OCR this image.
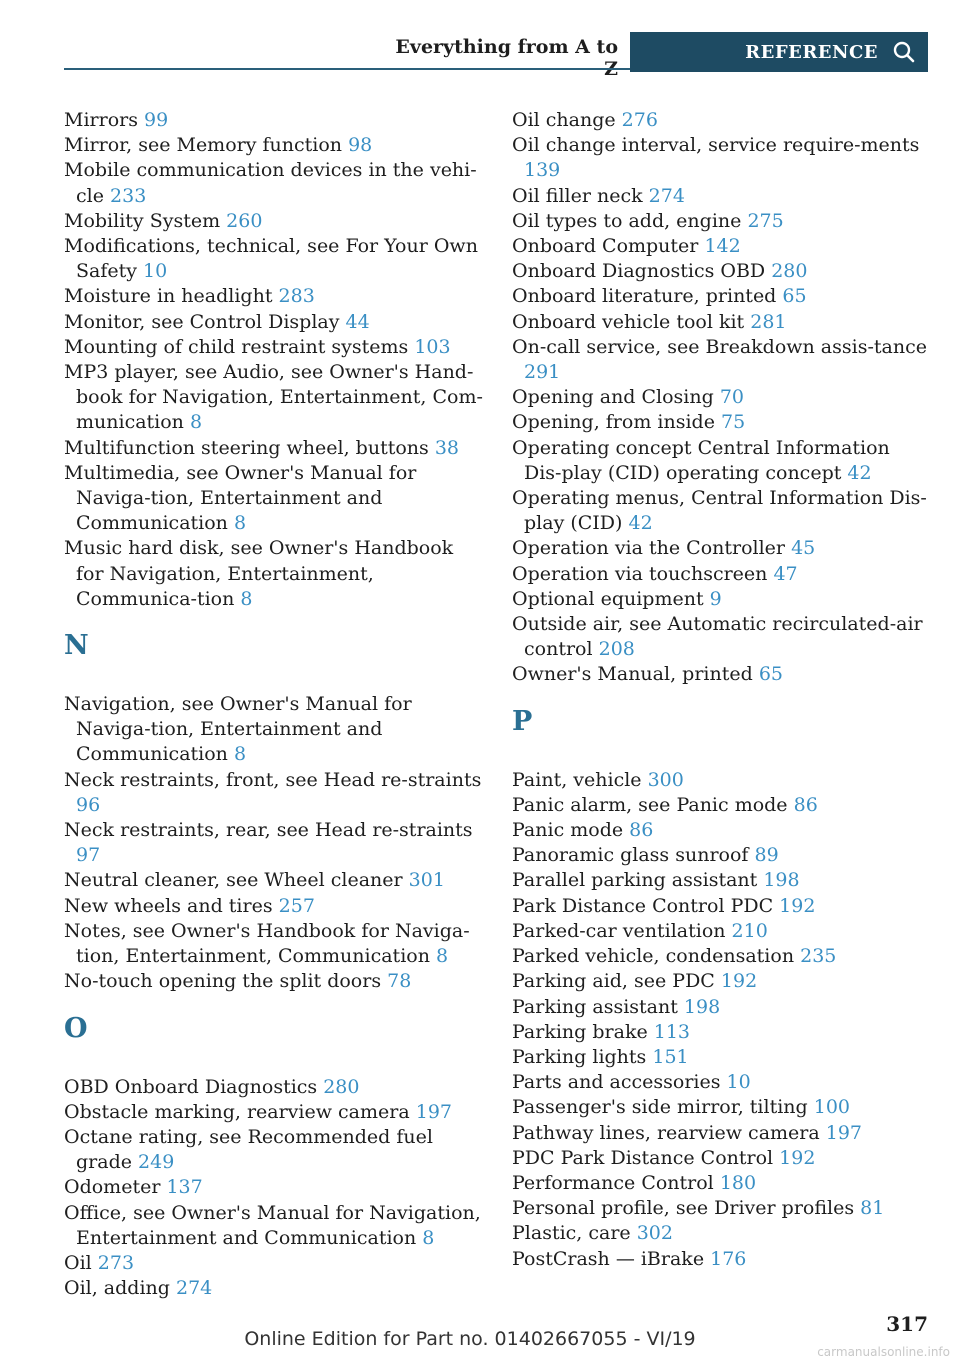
Everything from A to	REFERENCE
Mirrors 99
Mirror, see Memory function 98
Mobile communication devices in the vehi‐cle 233
Mobility System 260
Modifications, technical, see For Your Own Safety 10
Moisture in headlight 283
Monitor, see Control Display 44
Mounting of child restraint systems 103
MP3 player, see Audio, see Owner's Hand‐book for Navigation, Entertainment, Com‐munication 8
Multifunction steering wheel, buttons 38
Multimedia, see Owner's Manual for Naviga‐tion, Entertainment and Communication 8
Music hard disk, see Owner's Handbook for Navigation, Entertainment, Communica‐tion 8
N
Navigation, see Owner's Manual for Naviga‐tion, Entertainment and Communication 8
Neck restraints, front, see Head re‐straints 96
Neck restraints, rear, see Head re‐straints 97
Neutral cleaner, see Wheel cleaner 301
New wheels and tires 257
Notes, see Owner's Handbook for Naviga‐tion, Entertainment, Communication 8
No-touch opening the split doors 78
O
OBD Onboard Diagnostics 280
Obstacle marking, rearview camera 197
Octane rating, see Recommended fuel grade 249
Odometer 137
Office, see Owner's Manual for Navigation, Entertainment and Communication 8
Oil 273
Oil, adding 274
Oil change 276
Oil change interval, service require‐ments 139
Oil filler neck 274
Oil types to add, engine 275
Onboard Computer 142
Onboard Diagnostics OBD 280
Onboard literature, printed 65
Onboard vehicle tool kit 281
On-call service, see Breakdown assis‐tance 291
Opening and Closing 70
Opening, from inside 75
Operating concept Central Information Dis‐play (CID) operating concept 42
Operating menus, Central Information Dis‐play (CID) 42
Operation via the Controller 45
Operation via touchscreen 47
Optional equipment 9
Outside air, see Automatic recirculated-air control 208
Owner's Manual, printed 65
P
Paint, vehicle 300
Panic alarm, see Panic mode 86
Panic mode 86
Panoramic glass sunroof 89
Parallel parking assistant 198
Park Distance Control PDC 192
Parked-car ventilation 210
Parked vehicle, condensation 235
Parking aid, see PDC 192
Parking assistant 198
Parking brake 113
Parking lights 151
Parts and accessories 10
Passenger's side mirror, tilting 100
Pathway lines, rearview camera 197
PDC Park Distance Control 192
Performance Control 180
Personal profile, see Driver profiles 81
Plastic, care 302
PostCrash — iBrake 176
317
Online Edition for Part no. 01402667055 - VI/19
carmanualsonline.info
